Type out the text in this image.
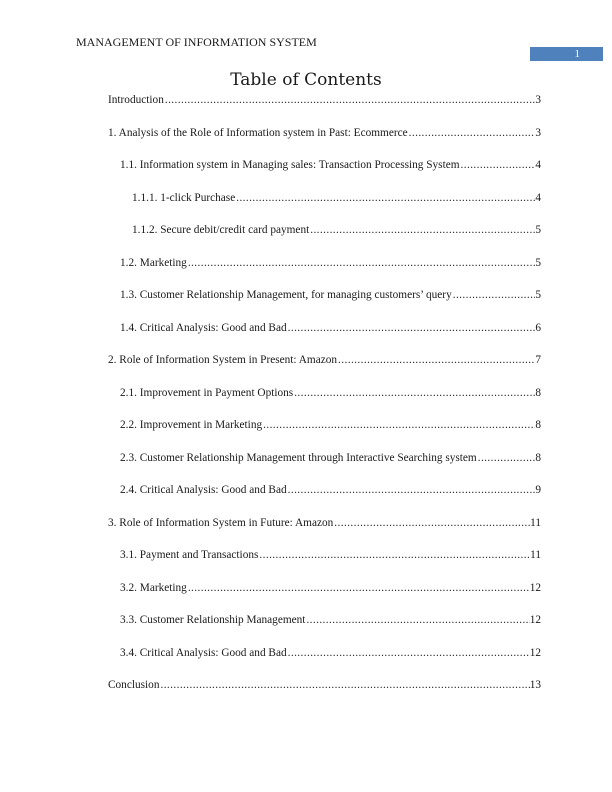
MANAGEMENT OF INFORMATION SYSTEM
1
Table of Contents
Introduction .....	3
1. Analysis of the Role of Information system in Past: Ecommerce .....	3
1.1. Information system in Managing sales: Transaction Processing System .....	4
1.1.1. 1-click Purchase .....	4
1.1.2. Secure debit/credit card payment .....	5
1.2. Marketing .....	5
1.3. Customer Relationship Management, for managing customers’ query .....	5
1.4. Critical Analysis: Good and Bad .....	6
2. Role of Information System in Present: Amazon .....	7
2.1. Improvement in Payment Options .....	8
2.2. Improvement in Marketing .....	8
2.3. Customer Relationship Management through Interactive Searching system .....	8
2.4. Critical Analysis: Good and Bad .....	9
3. Role of Information System in Future: Amazon .....	11
3.1. Payment and Transactions .....	11
3.2. Marketing .....	12
3.3. Customer Relationship Management .....	12
3.4. Critical Analysis: Good and Bad .....	12
Conclusion .....	13
